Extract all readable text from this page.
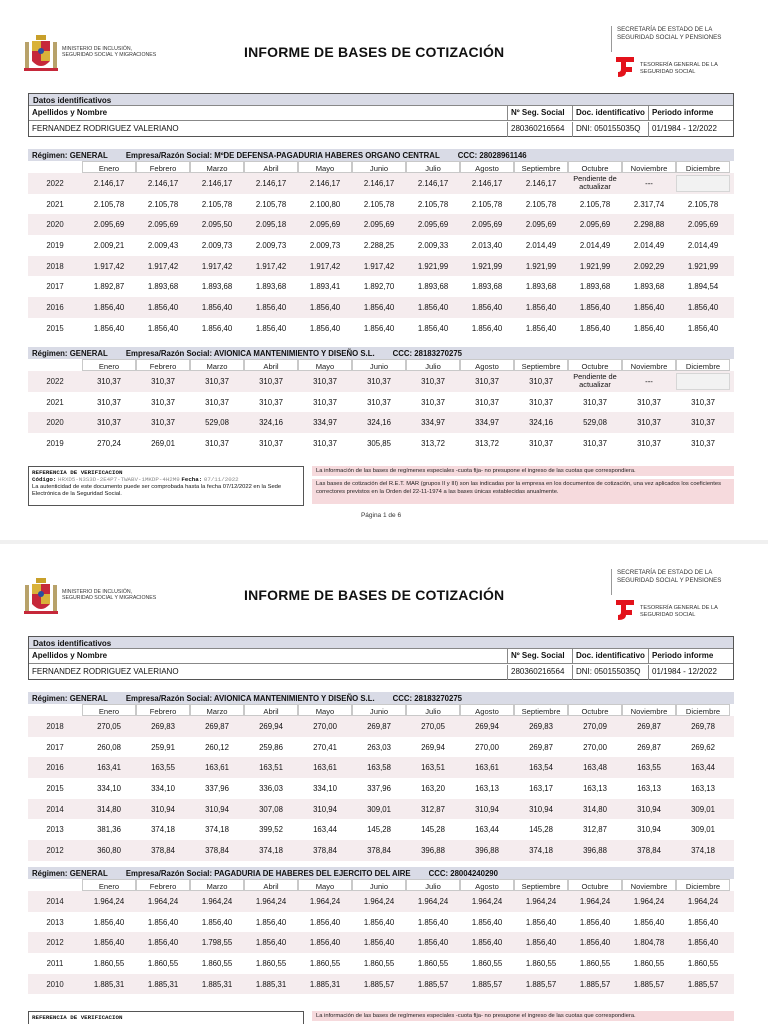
MINISTERIO DE INCLUSIÓN, SEGURIDAD SOCIAL Y MIGRACIONES	INFORME DE BASES DE COTIZACIÓN
SECRETARÍA DE ESTADO DE LA SEGURIDAD SOCIAL Y PENSIONES
TESORERÍA GENERAL DE LA SEGURIDAD SOCIAL
Datos identificativos
Apellidos y Nombre	Nº Seg. Social	Doc. identificativo Periodo informe
FERNANDEZ RODRIGUEZ VALERIANO	280360216564	DNI: 050155035Q	01/1984 - 12/2022
Régimen: GENERAL Empresa/Razón Social: MºDE DEFENSA-PAGADURIA HABERES ORGANO CENTRAL CCC: 28028961146
Enero	Febrero	Marzo	Abril	Mayo	Junio	Julio	Agosto	Septiembre	Octubre	Noviembre	Diciembre
2022	2.146,17	2.146,17	2.146,17	2.146,17	2.146,17	2.146,17	2.146,17	2.146,17	2.146,17	Pendiente de actualizar	---
2021	2.105,78	2.105,78	2.105,78	2.105,78	2.100,80	2.105,78	2.105,78	2.105,78	2.105,78	2.105,78	2.317,74	2.105,78
2020	2.095,69	2.095,69	2.095,50	2.095,18	2.095,69	2.095,69	2.095,69	2.095,69	2.095,69	2.095,69	2.298,88	2.095,69
2019	2.009,21	2.009,43	2.009,73	2.009,73	2.009,73	2.288,25	2.009,33	2.013,40	2.014,49	2.014,49	2.014,49	2.014,49
2018	1.917,42	1.917,42	1.917,42	1.917,42	1.917,42	1.917,42	1.921,99	1.921,99	1.921,99	1.921,99	2.092,29	1.921,99
2017	1.892,87	1.893,68	1.893,68	1.893,68	1.893,41	1.892,70	1.893,68	1.893,68	1.893,68	1.893,68	1.893,68	1.894,54
2016	1.856,40	1.856,40	1.856,40	1.856,40	1.856,40	1.856,40	1.856,40	1.856,40	1.856,40	1.856,40	1.856,40	1.856,40
2015	1.856,40	1.856,40	1.856,40	1.856,40	1.856,40	1.856,40	1.856,40	1.856,40	1.856,40	1.856,40	1.856,40	1.856,40
Régimen: GENERAL Empresa/Razón Social: AVIONICA MANTENIMIENTO Y DISEÑO S.L. CCC: 28183270275
Enero	Febrero	Marzo	Abril	Mayo	Junio	Julio	Agosto	Septiembre	Octubre	Noviembre	Diciembre
2022	310,37	310,37	310,37	310,37	310,37	310,37	310,37	310,37	310,37	Pendiente de actualizar	---
2021	310,37	310,37	310,37	310,37	310,37	310,37	310,37	310,37	310,37	310,37	310,37	310,37
2020	310,37	310,37	529,08	324,16	334,97	324,16	334,97	334,97	324,16	529,08	310,37	310,37
2019	270,24	269,01	310,37	310,37	310,37	305,85	313,72	313,72	310,37	310,37	310,37	310,37
REFERENCIA DE VERIFICACION
Código: HRXD5-N3S3D-2E4P7-TWABV-1MKDP-4H2M9 Fecha: 07/11/2022
La autenticidad de este documento puede ser comprobada hasta la fecha 07/12/2022 en la Sede Electrónica de la Seguridad Social.
La información de las bases de regímenes especiales -cuota fija- no presupone el ingreso de las cuotas que correspondiera.
Las bases de cotización del R.E.T. MAR (grupos II y III) son las indicadas por la empresa en los documentos de cotización, una vez aplicados los coeficientes correctores previstos en la Orden del 22-11-1974 a las bases únicas establecidas anualmente.
Página 1 de 6
MINISTERIO DE INCLUSIÓN, SEGURIDAD SOCIAL Y MIGRACIONES	INFORME DE BASES DE COTIZACIÓN
SECRETARÍA DE ESTADO DE LA SEGURIDAD SOCIAL Y PENSIONES
TESORERÍA GENERAL DE LA SEGURIDAD SOCIAL
Datos identificativos
Apellidos y Nombre	Nº Seg. Social	Doc. identificativo Periodo informe
FERNANDEZ RODRIGUEZ VALERIANO	280360216564	DNI: 050155035Q	01/1984 - 12/2022
Régimen: GENERAL Empresa/Razón Social: AVIONICA MANTENIMIENTO Y DISEÑO S.L. CCC: 28183270275
Enero	Febrero	Marzo	Abril	Mayo	Junio	Julio	Agosto	Septiembre	Octubre	Noviembre	Diciembre
2018	270,05	269,83	269,87	269,94	270,00	269,87	270,05	269,94	269,83	270,09	269,87	269,78
2017	260,08	259,91	260,12	259,86	270,41	263,03	269,94	270,00	269,87	270,00	269,87	269,62
2016	163,41	163,55	163,61	163,51	163,61	163,58	163,51	163,61	163,54	163,48	163,55	163,44
2015	334,10	334,10	337,96	336,03	334,10	337,96	163,20	163,13	163,17	163,13	163,13	163,13
2014	314,80	310,94	310,94	307,08	310,94	309,01	312,87	310,94	310,94	314,80	310,94	309,01
2013	381,36	374,18	374,18	399,52	163,44	145,28	145,28	163,44	145,28	312,87	310,94	309,01
2012	360,80	378,84	378,84	374,18	378,84	378,84	396,88	396,88	374,18	396,88	378,84	374,18
Régimen: GENERAL Empresa/Razón Social: PAGADURIA DE HABERES DEL EJERCITO DEL AIRE CCC: 28004240290
Enero	Febrero	Marzo	Abril	Mayo	Junio	Julio	Agosto	Septiembre	Octubre	Noviembre	Diciembre
2014	1.964,24	1.964,24	1.964,24	1.964,24	1.964,24	1.964,24	1.964,24	1.964,24	1.964,24	1.964,24	1.964,24	1.964,24
2013	1.856,40	1.856,40	1.856,40	1.856,40	1.856,40	1.856,40	1.856,40	1.856,40	1.856,40	1.856,40	1.856,40	1.856,40
2012	1.856,40	1.856,40	1.798,55	1.856,40	1.856,40	1.856,40	1.856,40	1.856,40	1.856,40	1.856,40	1.804,78	1.856,40
2011	1.860,55	1.860,55	1.860,55	1.860,55	1.860,55	1.860,55	1.860,55	1.860,55	1.860,55	1.860,55	1.860,55	1.860,55
2010	1.885,31	1.885,31	1.885,31	1.885,31	1.885,31	1.885,57	1.885,57	1.885,57	1.885,57	1.885,57	1.885,57	1.885,57
REFERENCIA DE VERIFICACION	La información de las bases de regímenes especiales -cuota fija- no presupone el ingreso de las cuotas que correspondiera.
